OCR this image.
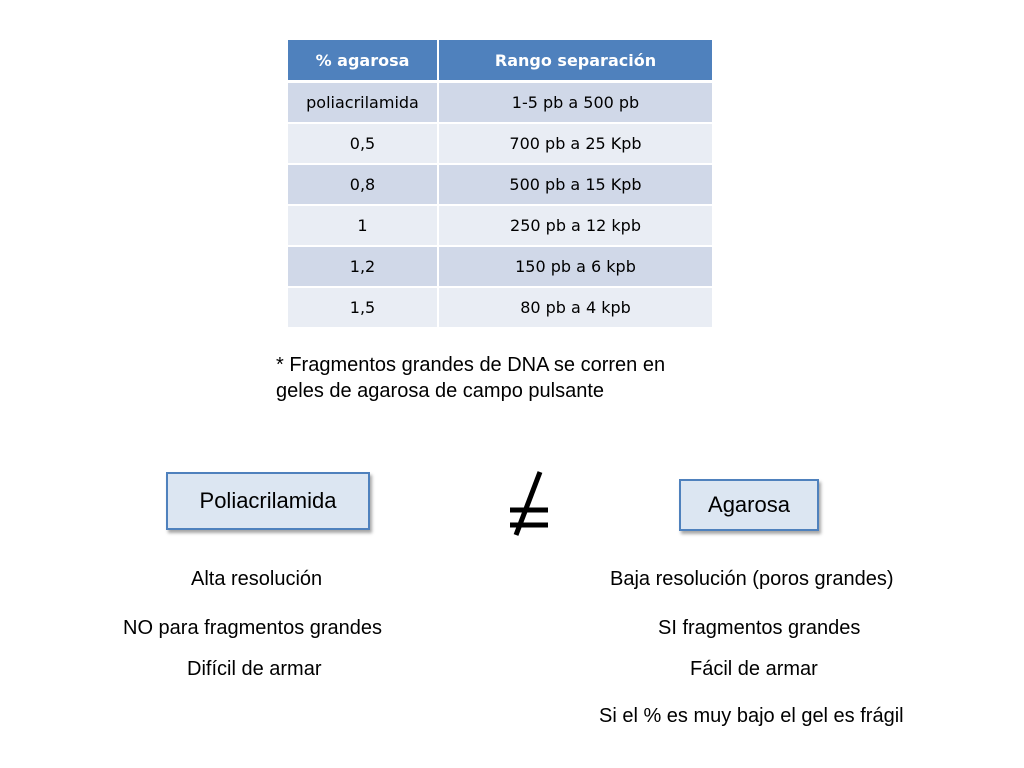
% agarosa	Rango separación
poliacrilamida	1-5 pb a 500 pb
0,5	700 pb a 25 Kpb
0,8	500 pb a 15 Kpb
1	250 pb a 12 kpb
1,2	150 pb a 6 kpb
1,5	80 pb a 4 kpb
* Fragmentos grandes de DNA se corren en
geles de agarosa de campo pulsante
Poliacrilamida	Agarosa
Alta resolución
NO para fragmentos grandes
Difícil de armar
Baja resolución (poros grandes)
SI fragmentos grandes
Fácil de armar
Si el % es muy bajo el gel es frágil
